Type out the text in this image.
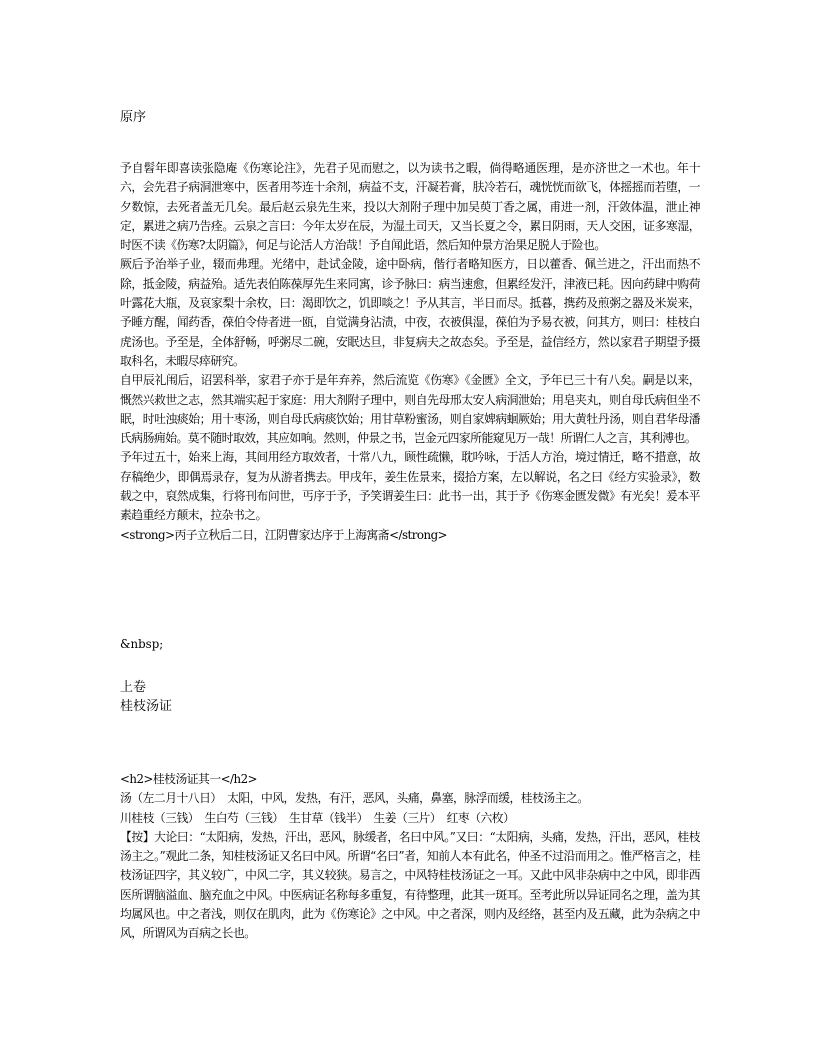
原序

予自髫年即喜读张隐庵《伤寒论注》，先君子见而慰之，以为读书之暇，倘得略通医理，是亦济世之一术也。年十六，会先君子病洞泄寒中，医者用芩连十余剂，病益不支，汗凝若膏，肤冷若石，魂恍恍而欲飞，体摇摇而若堕，一夕数惊，去死者盖无几矣。最后赵云泉先生来，投以大剂附子理中加吴萸丁香之属，甫进一剂，汗敛体温，泄止神定，累进之病乃告痊。云泉之言曰：今年太岁在辰，为湿土司天，又当长夏之令，累日阴雨，天人交困，证多寒湿，时医不读《伤寒?太阴篇》，何足与论活人方治哉！予自闻此语，然后知仲景方治果足脱人于险也。

厥后予治举子业，辍而弗理。光绪中，赴试金陵，途中卧病，偕行者略知医方，日以藿香、佩兰进之，汗出而热不除，抵金陵，病益殆。适先表伯陈葆厚先生来同寓，诊予脉曰：病当速愈，但累经发汗，津液已耗。因向药肆中购荷叶露花大瓶，及哀家梨十余枚，曰：渴即饮之，饥即啖之！予从其言，半日而尽。抵暮，携药及煎粥之器及米炭来，予睡方醒，闻药香，葆伯令侍者进一瓯，自觉满身沾渍，中夜，衣被俱湿，葆伯为予易衣被，问其方，则曰：桂枝白虎汤也。予至是，全体舒畅，呼粥尽二碗，安眠达旦，非复病夫之故态矣。予至是，益信经方，然以家君子期望予摄取科名，未暇尽瘁研究。

自甲辰礼闱后，诏罢科举，家君子亦于是年弃养，然后流览《伤寒》《金匮》全文，予年已三十有八矣。嗣是以来，慨然兴救世之志，然其端实起于家庭：用大剂附子理中，则自先母邢太安人病洞泄始；用皂夹丸，则自母氏病但坐不眠，时吐浊痰始；用十枣汤，则自母氏病痰饮始；用甘草粉蜜汤，则自家婢病蛔厥始；用大黄牡丹汤，则自君华母潘氏病肠痈始。莫不随时取效，其应如响。然则，仲景之书，岂金元四家所能窥见万一哉！所谓仁人之言，其利溥也。

予年过五十，始来上海，其间用经方取效者，十常八九，顾性疏懒，耽吟咏，于活人方治，境过情迁，略不措意，故存稿绝少，即偶焉录存，复为从游者携去。甲戌年，姜生佐景来，掇拾方案，左以解说，名之曰《经方实验录》，数载之中，裒然成集，行将刊布问世，丐序于予，予笑谓姜生曰：此书一出，其于予《伤寒金匮发微》有光矣！爰本平素趋重经方颠末，拉杂书之。

<strong>丙子立秋后二日，江阴曹家达序于上海寓斋</strong>

&nbsp;
上卷
桂枝汤证

<h2>桂枝汤证其一</h2>

汤（左二月十八日）　太阳，中风，发热，有汗，恶风，头痛，鼻塞，脉浮而缓，桂枝汤主之。

川桂枝（三钱）　生白芍（三钱）　生甘草（钱半）　生姜（三片）　红枣（六枚）

【按】大论曰：“太阳病，发热，汗出，恶风，脉缓者，名曰中风。”又曰：“太阳病，头痛，发热，汗出，恶风，桂枝汤主之。”观此二条，知桂枝汤证又名曰中风。所谓“名曰”者，知前人本有此名，仲圣不过沿而用之。惟严格言之，桂枝汤证四字，其义较广，中风二字，其义较狭。易言之，中风特桂枝汤证之一耳。又此中风非杂病中之中风，即非西医所谓脑溢血、脑充血之中风。中医病证名称每多重复，有待整理，此其一斑耳。至考此所以异证同名之理，盖为其均属风也。中之者浅，则仅在肌肉，此为《伤寒论》之中风。中之者深，则内及经络，甚至内及五藏，此为杂病之中风，所谓风为百病之长也。
